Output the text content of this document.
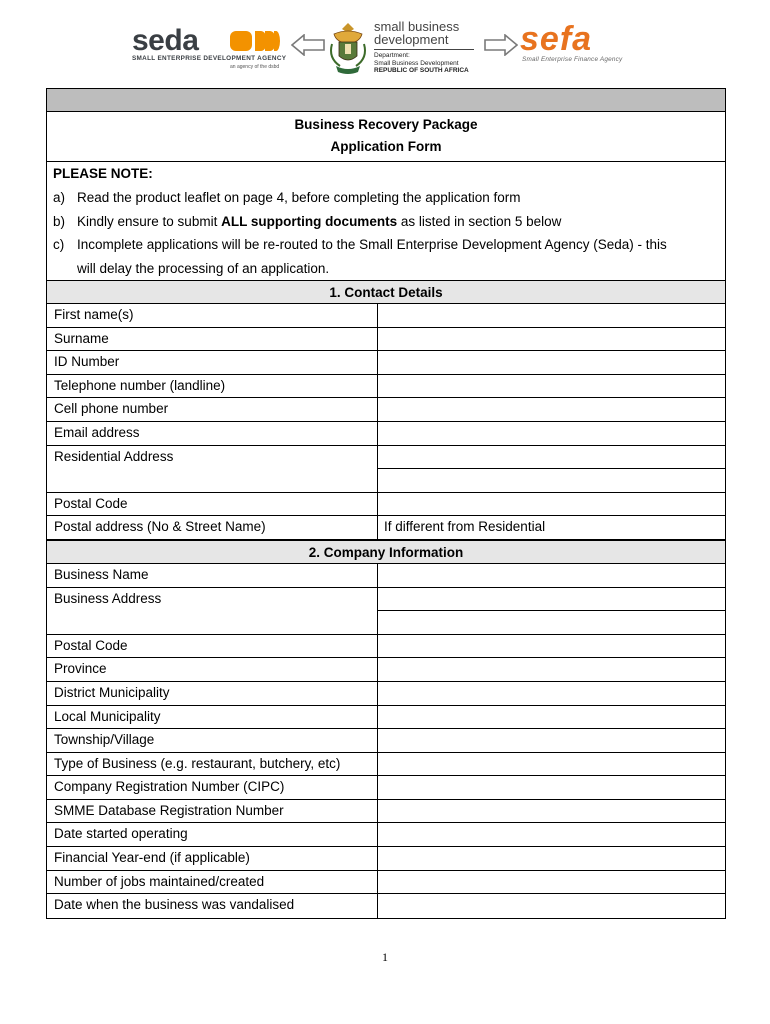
seda
SMALL ENTERPRISE DEVELOPMENT AGENCY
an agency of the dsbd
small business
development
Department:
Small Business Development
REPUBLIC OF SOUTH AFRICA
sefa
Small Enterprise Finance Agency
Business Recovery Package
Application Form
PLEASE NOTE:
a) Read the product leaflet on page 4, before completing the application form
b) Kindly ensure to submit ALL supporting documents as listed in section 5 below
c) Incomplete applications will be re-routed to the Small Enterprise Development Agency (Seda) - this
will delay the processing of an application.
1. Contact Details
First name(s)
Surname
ID Number
Telephone number (landline)
Cell phone number
Email address
Residential Address
Postal Code
Postal address (No & Street Name)	If different from Residential
2. Company Information
Business Name
Business Address
Postal Code
Province
District Municipality
Local Municipality
Township/Village
Type of Business (e.g. restaurant, butchery, etc)
Company Registration Number (CIPC)
SMME Database Registration Number
Date started operating
Financial Year-end (if applicable)
Number of jobs maintained/created
Date when the business was vandalised
1
